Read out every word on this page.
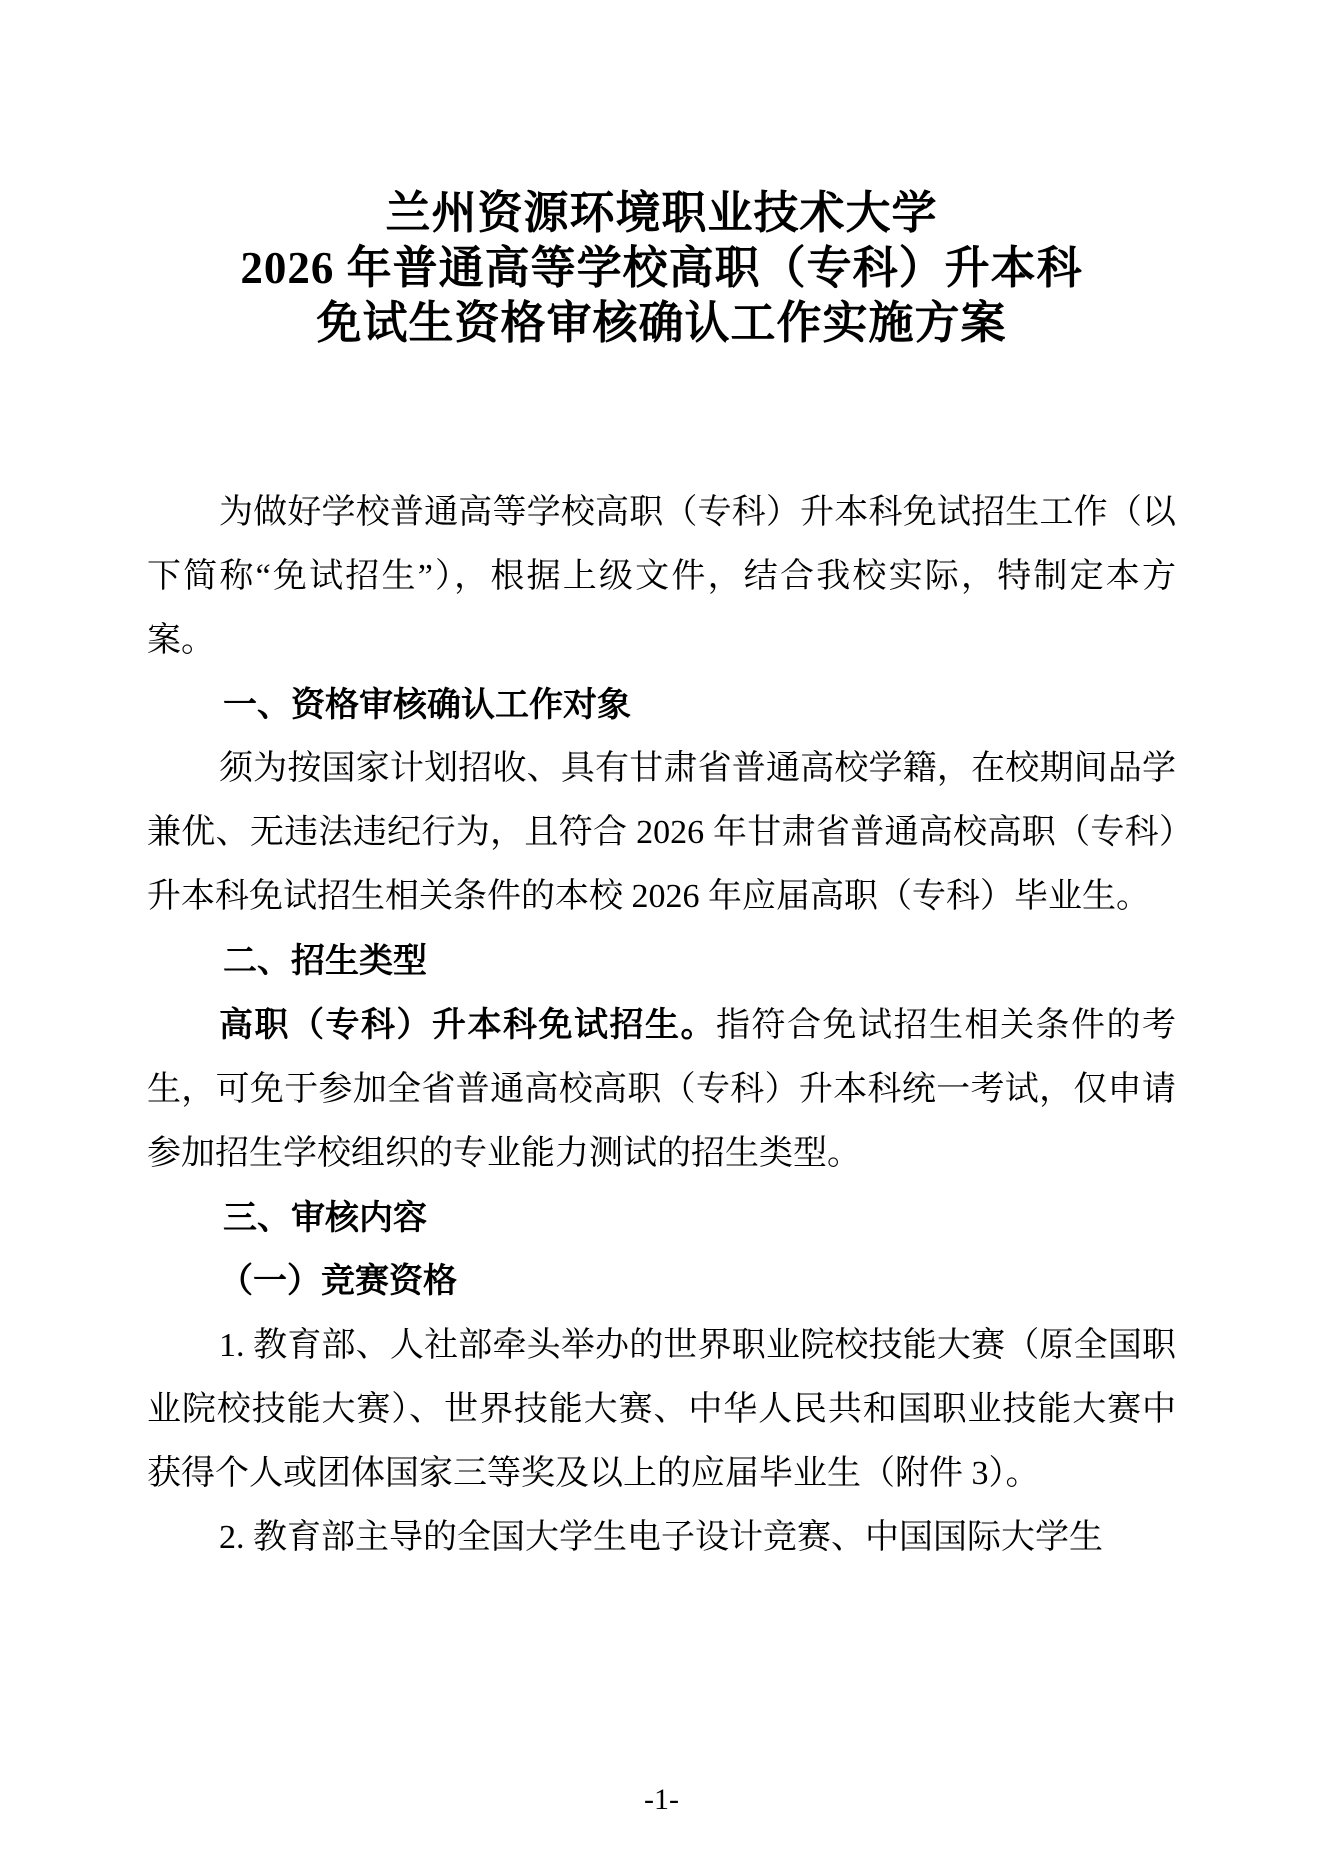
兰州资源环境职业技术大学
2026 年普通高等学校高职（专科）升本科
免试生资格审核确认工作实施方案

为做好学校普通高等学校高职（专科）升本科免试招生工作（以下简称“免试招生”），根据上级文件，结合我校实际，特制定本方案。

一、资格审核确认工作对象

须为按国家计划招收、具有甘肃省普通高校学籍，在校期间品学兼优、无违法违纪行为，且符合 2026 年甘肃省普通高校高职（专科）升本科免试招生相关条件的本校 2026 年应届高职（专科）毕业生。

二、招生类型

高职（专科）升本科免试招生。指符合免试招生相关条件的考生，可免于参加全省普通高校高职（专科）升本科统一考试，仅申请参加招生学校组织的专业能力测试的招生类型。

三、审核内容
（一）竞赛资格

1. 教育部、人社部牵头举办的世界职业院校技能大赛（原全国职业院校技能大赛）、世界技能大赛、中华人民共和国职业技能大赛中获得个人或团体国家三等奖及以上的应届毕业生（附件 3）。

2. 教育部主导的全国大学生电子设计竞赛、中国国际大学生

-1-
